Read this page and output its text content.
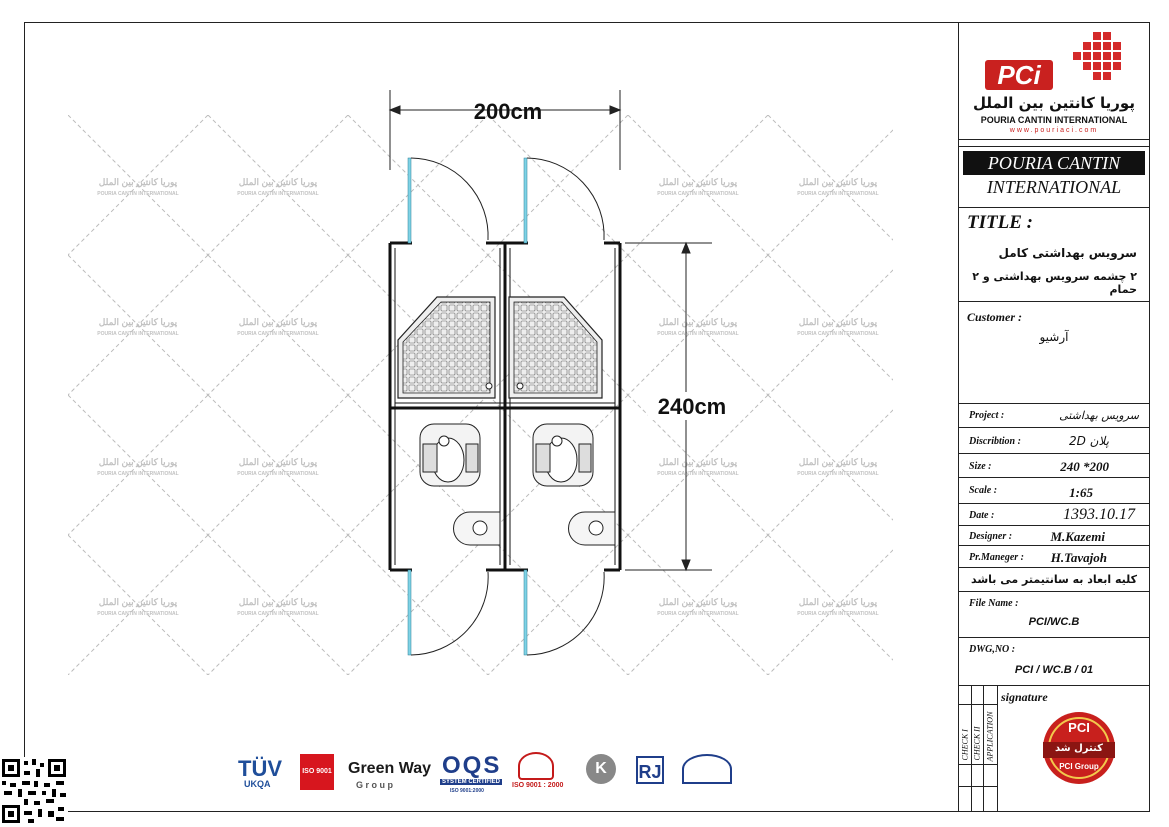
پوریا کانتین بین الملل
POURIA CANTIN INTERNATIONAL
پوریا کانتین بین الملل
POURIA CANTIN INTERNATIONAL
پوریا کانتین بین الملل
POURIA CANTIN INTERNATIONAL
پوریا کانتین بین الملل
POURIA CANTIN INTERNATIONAL
پوریا کانتین بین الملل
POURIA CANTIN INTERNATIONAL
پوریا کانتین بین الملل
POURIA CANTIN INTERNATIONAL
پوریا کانتین بین الملل
POURIA CANTIN INTERNATIONAL
پوریا کانتین بین الملل
POURIA CANTIN INTERNATIONAL
پوریا کانتین بین الملل
POURIA CANTIN INTERNATIONAL
پوریا کانتین بین الملل
POURIA CANTIN INTERNATIONAL
پوریا کانتین بین الملل
POURIA CANTIN INTERNATIONAL
پوریا کانتین بین الملل
POURIA CANTIN INTERNATIONAL
پوریا کانتین بین الملل
POURIA CANTIN INTERNATIONAL
پوریا کانتین بین الملل
POURIA CANTIN INTERNATIONAL
پوریا کانتین بین الملل
POURIA CANTIN INTERNATIONAL
پوریا کانتین بین الملل
POURIA CANTIN INTERNATIONAL
200cm
240cm
TÜV
UKQA
ISO 9001 Green Way
G r o u p
OQS
SYSTEM CERTIFIED
ISO 9001:2000
ISO 9001 : 2000
K	RJ
PCi
پوریا کانتین بین الملل
POURIA CANTIN INTERNATIONAL
www.pouriaci.com
POURIA CANTIN
INTERNATIONAL
TITLE :
سرویس بهداشتی کامل
۲ چشمه سرویس بهداشتی و ۲ حمام
Customer :
آرشیو
Project :	سرویس بهداشتی
Discribtion :	پلان 2D
Size :	240 *200
Scale :	1:65
Date :	1393.10.17
Designer :	M.Kazemi
Pr.Maneger : H.Tavajoh
کلیه ابعاد به سانتیمتر می باشد
File Name :
PCI/WC.B
DWG,NO :
PCI / WC.B / 01
CHECK I CHECK II APPLICATION
signature
PCI
کنترل شد
PCI Group
